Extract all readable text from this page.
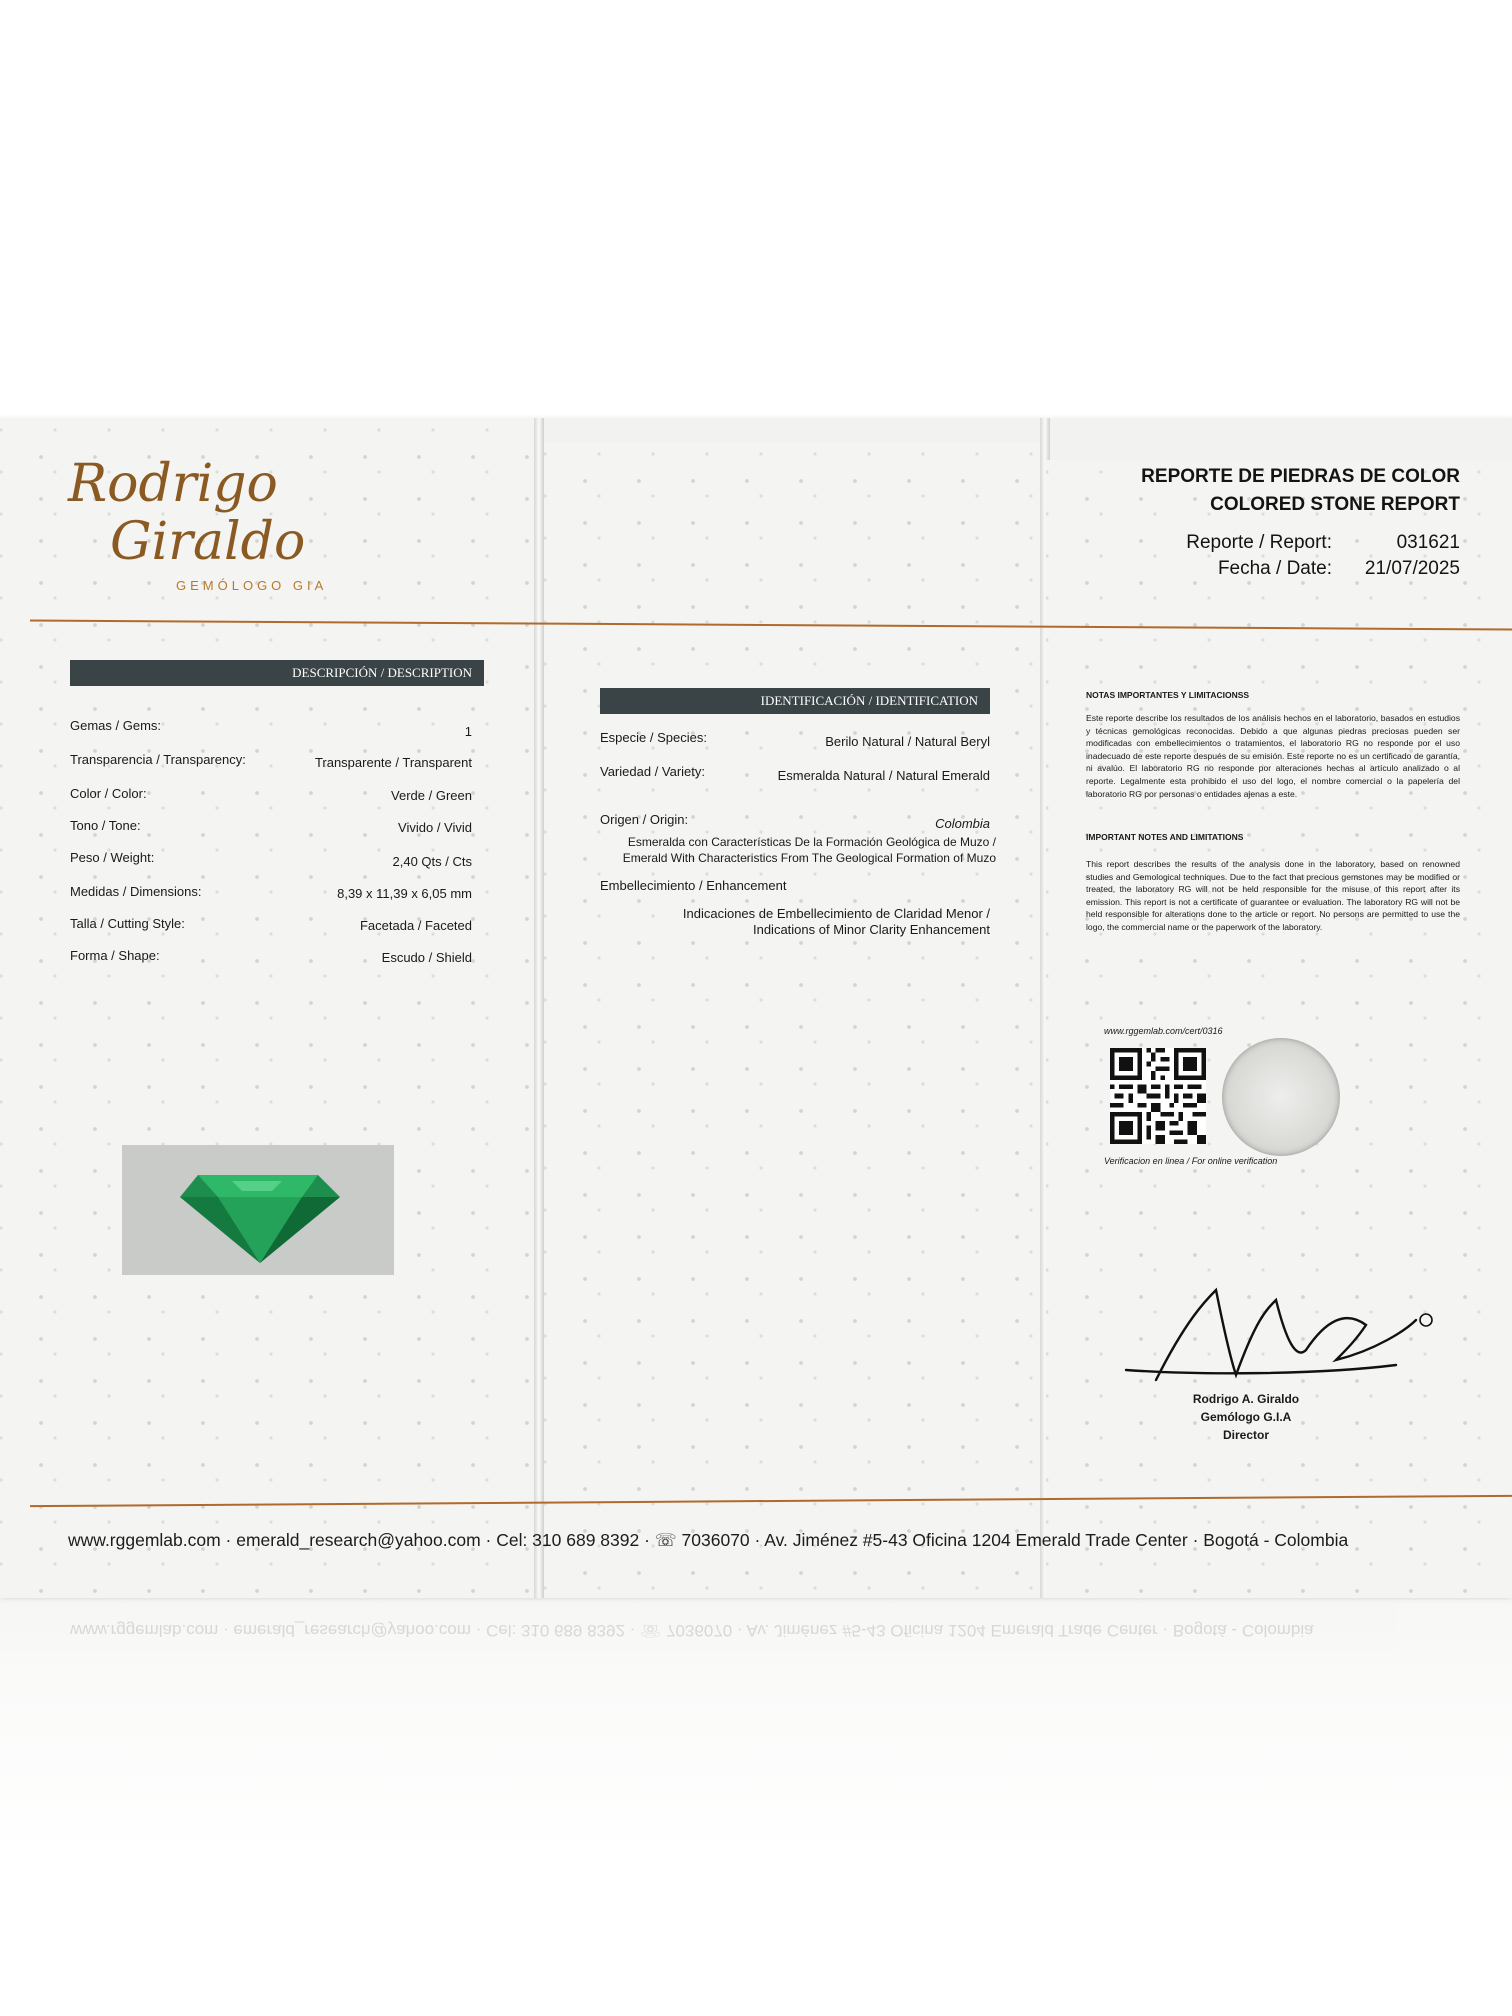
Rodrigo
Giraldo
GEMÓLOGO GIA
DESCRIPCIÓN / DESCRIPTION
Gemas / Gems:	1
Transparencia / Transparency:	Transparente / Transparent
Color / Color:	Verde / Green
Tono / Tone:	Vivido / Vivid
Peso / Weight:	2,40 Qts / Cts
Medidas / Dimensions:	8,39 x 11,39 x 6,05 mm
Talla / Cutting Style:	Facetada / Faceted
Forma / Shape:	Escudo / Shield
IDENTIFICACIÓN / IDENTIFICATION
Especie / Species:	Berilo Natural / Natural Beryl
Variedad / Variety:	Esmeralda Natural / Natural Emerald
Origen / Origin:	Colombia
Esmeralda con Características De la Formación Geológica de Muzo / Emerald With Characteristics From The Geological Formation of Muzo
Embellecimiento / Enhancement
Indicaciones de Embellecimiento de Claridad Menor /
Indications of Minor Clarity Enhancement
REPORTE DE PIEDRAS DE COLOR
COLORED STONE REPORT
Reporte / Report:	031621
Fecha / Date: 21/07/2025
NOTAS IMPORTANTES Y LIMITACIONSS
Este reporte describe los resultados de los análisis hechos en el laboratorio, basados en estudios y técnicas gemológicas reconocidas. Debido a que algunas piedras preciosas pueden ser modificadas con embellecimientos o tratamientos, el laboratorio RG no responde por el uso inadecuado de este reporte después de su emisión. Este reporte no es un certificado de garantía, ni avalúo. El laboratorio RG no responde por alteraciones hechas al artículo analizado o al reporte. Legalmente esta prohibido el uso del logo, el nombre comercial o la papelería del laboratorio RG por personas o entidades ajenas a este.
IMPORTANT NOTES AND LIMITATIONS
This report describes the results of the analysis done in the laboratory, based on renowned studies and Gemological techniques. Due to the fact that precious gemstones may be modified or treated, the laboratory RG will not be held responsible for the misuse of this report after its emission. This report is not a certificate of guarantee or evaluation. The laboratory RG will not be held responsible for alterations done to the article or report. No persons are permitted to use the logo, the commercial name or the paperwork of the laboratory.
www.rggemlab.com/cert/0316
Verificacion en linea / For online verification
Rodrigo A. Giraldo
Gemólogo G.I.A
Director
www.rggemlab.com · emerald_research@yahoo.com · Cel: 310 689 8392 · ☏ 7036070 · Av. Jiménez #5-43 Oficina 1204 Emerald Trade Center · Bogotá - Colombia
www.rggemlab.com · emerald_research@yahoo.com · Cel: 310 689 8392 · ☏ 7036070 · Av. Jiménez #5-43 Oficina 1204 Emerald Trade Center · Bogotá - Colombia
